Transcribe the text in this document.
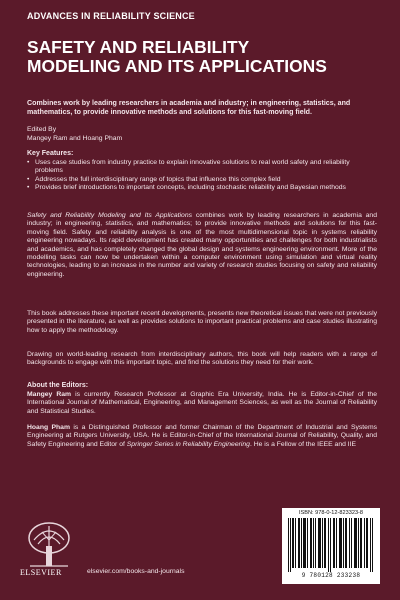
ADVANCES IN RELIABILITY SCIENCE
SAFETY AND RELIABILITY
MODELING AND ITS APPLICATIONS

Combines work by leading researchers in academia and industry; in engineering, statistics, and mathematics, to provide innovative methods and solutions for this fast-moving field.

Edited By
Mangey Ram and Hoang Pham
Key Features:
• Uses case studies from industry practice to explain innovative solutions to real world safety and reliability problems
• Addresses the full interdisciplinary range of topics that influence this complex field
• Provides brief introductions to important concepts, including stochastic reliability and Bayesian methods

Safety and Reliability Modeling and Its Applications combines work by leading researchers in academia and industry; in engineering, statistics, and mathematics; to provide innovative methods and solutions for this fast-moving field. Safety and reliability analysis is one of the most multidimensional topic in systems reliability engineering nowadays. Its rapid development has created many opportunities and challenges for both industrialists and academics, and has completely changed the global design and systems engineering environment. More of the modelling tasks can now be undertaken within a computer environment using simulation and virtual reality technologies, leading to an increase in the number and variety of research studies focusing on safety and reliability engineering.

This book addresses these important recent developments, presents new theoretical issues that were not previously presented in the literature, as well as provides solutions to important practical problems and case studies illustrating how to apply the methodology.

Drawing on world-leading research from interdisciplinary authors, this book will help readers with a range of backgrounds to engage with this important topic, and find the solutions they need for their work.

About the Editors:

Mangey Ram is currently Research Professor at Graphic Era University, India. He is Editor-in-Chief of the International Journal of Mathematical, Engineering, and Management Sciences, as well as the Journal of Reliability and Statistical Studies.

Hoang Pham is a Distinguished Professor and former Chairman of the Department of Industrial and Systems Engineering at Rutgers University, USA. He is Editor-in-Chief of the International Journal of Reliability, Quality, and Safety Engineering and Editor of Springer Series in Reliability Engineering. He is a Fellow of the IEEE and IIE

ELSEVIER	elsevier.com/books-and-journals
ISBN: 978-0-12-823323-8
9 780128 233238
